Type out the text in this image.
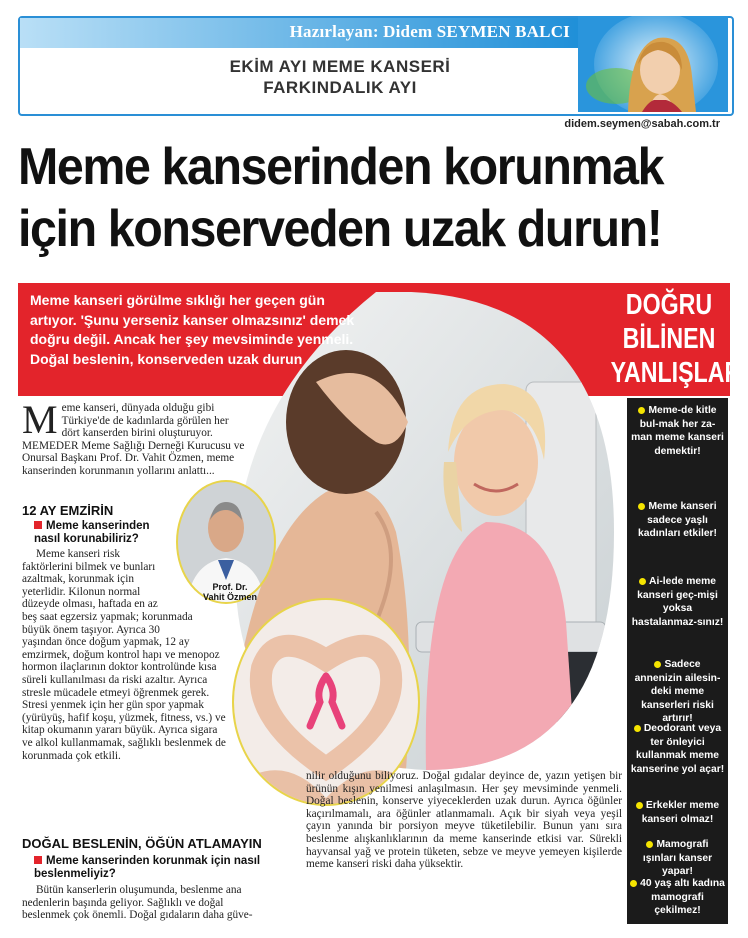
Hazırlayan: Didem SEYMEN BALCI
EKİM AYI MEME KANSERİ
FARKINDALIK AYI
didem.seymen@sabah.com.tr
Meme kanserinden korunmak
için konserveden uzak durun!
Meme kanseri görülme sıklığı her geçen gün artıyor. 'Şunu yerseniz kanser olmazsınız' demek doğru değil. Ancak her şey mevsiminde yenmeli. Doğal beslenin, konserveden uzak durun
DOĞRU
BİLİNEN
YANLIŞLAR
Meme-de kitle bul-mak her za-man meme kanseri demektir!
Meme kanseri sadece yaşlı kadınları etkiler!
Ai-lede meme kanseri geç-mişi yoksa hastalanmaz-sınız!
Sadece annenizin ailesin-deki meme kanserleri riski artırır!
Deodorant veya ter önleyici kullanmak meme kanserine yol açar!
Erkekler meme kanseri olmaz!
Mamografi ışınları kanser yapar!
40 yaş altı kadına mamografi çekilmez!
Prof. Dr.
Vahit Özmen
Meme kanseri, dünyada olduğu gibi Türkiye'de de kadınlarda görülen her dört kanserden birini oluşturuyor. MEMEDER Meme Sağlığı Derneği Kurucusu ve Onursal Başkanı Prof. Dr. Vahit Özmen, meme kanserinden korunmanın yollarını anlattı...
12 AY EMZİRİN
Meme kanserinden nasıl korunabiliriz?
Meme kanseri risk faktörlerini bilmek ve bunları azaltmak, korunmak için yeterlidir. Kilonun normal düzeyde olması, haftada en az beş saat egzersiz yapmak; korunmada büyük önem taşıyor. Ayrıca 30 yaşından önce doğum yapmak, 12 ay emzirmek, doğum kontrol hapı ve menopoz hormon ilaçlarının doktor kontrolünde kısa süreli kullanılması da riski azaltır. Ayrıca stresle mücadele etmeyi öğrenmek gerek. Stresi yenmek için her gün spor yapmak (yürüyüş, hafif koşu, yüzmek, fitness, vs.) ve kitap okumanın yararı büyük. Ayrıca sigara ve alkol kullanmamak, sağlıklı beslenmek de korunmada çok etkili.
DOĞAL BESLENİN, ÖĞÜN ATLAMAYIN
Meme kanserinden korunmak için nasıl beslenmeliyiz?
Bütün kanserlerin oluşumunda, beslenme ana nedenlerin başında geliyor. Sağlıklı ve doğal beslenmek çok önemli. Doğal gıdaların daha güve-
nilir olduğunu biliyoruz. Doğal gıdalar deyince de, yazın yetişen bir ürünün kışın yenilmesi anlaşılmasın. Her şey mevsiminde yenmeli. Doğal beslenin, konserve yiyeceklerden uzak durun. Ayrıca öğünler kaçırılmamalı, ara öğünler atlanmamalı. Açık bir siyah veya yeşil çayın yanında bir porsiyon meyve tüketilebilir. Bunun yanı sıra beslenme alışkanlıklarının da meme kanserinde etkisi var. Sürekli hayvansal yağ ve protein tüketen, sebze ve meyve yemeyen kişilerde meme kanseri riski daha yüksektir.
